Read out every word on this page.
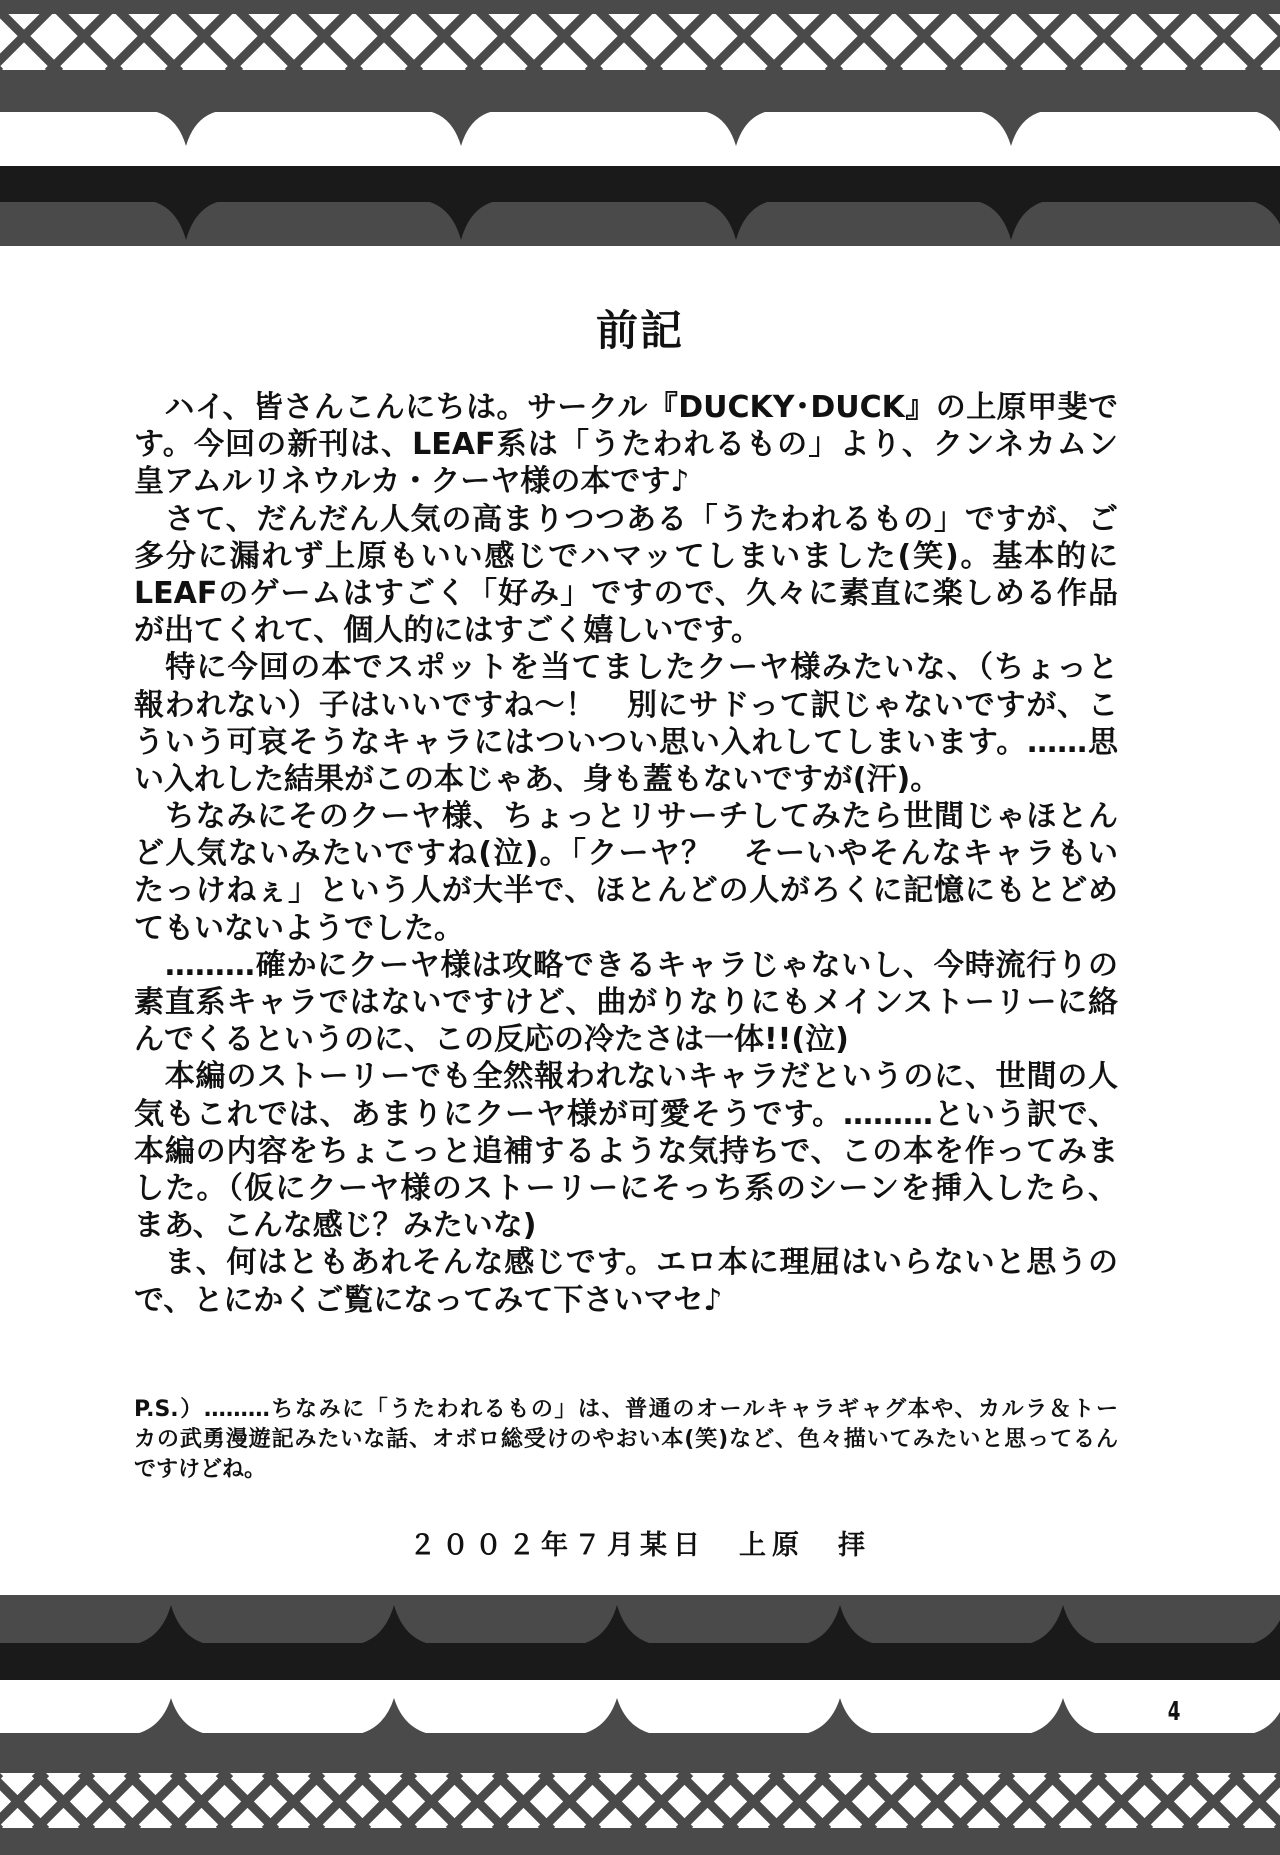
前記
　ハイ、皆さんこんにちは。サークル『DUCKY･DUCK』の上原甲斐で
す。今回の新刊は、LEAF系は「うたわれるもの」より、クンネカムン
皇アムルリネウルカ・クーヤ様の本です♪
　さて、だんだん人気の高まりつつある「うたわれるもの」ですが、ご
多分に漏れず上原もいい感じでハマッてしまいました(笑)。基本的に
LEAFのゲームはすごく「好み」ですので、久々に素直に楽しめる作品
が出てくれて、個人的にはすごく嬉しいです。
　特に今回の本でスポットを当てましたクーヤ様みたいな、（ちょっと
報われない）子はいいですね～！　別にサドって訳じゃないですが、こ
ういう可哀そうなキャラにはついつい思い入れしてしまいます。……思
い入れした結果がこの本じゃあ、身も蓋もないですが(汗)。
　ちなみにそのクーヤ様、ちょっとリサーチしてみたら世間じゃほとん
ど人気ないみたいですね(泣)。「クーヤ？　そーいやそんなキャラもい
たっけねぇ」という人が大半で、ほとんどの人がろくに記憶にもとどめ
てもいないようでした。
　………確かにクーヤ様は攻略できるキャラじゃないし、今時流行りの
素直系キャラではないですけど、曲がりなりにもメインストーリーに絡
んでくるというのに、この反応の冷たさは一体!!(泣)
　本編のストーリーでも全然報われないキャラだというのに、世間の人
気もこれでは、あまりにクーヤ様が可愛そうです。………という訳で、
本編の内容をちょこっと追補するような気持ちで、この本を作ってみま
した。（仮にクーヤ様のストーリーにそっち系のシーンを挿入したら、
まあ、こんな感じ？みたいな)
　ま、何はともあれそんな感じです。エロ本に理屈はいらないと思うの
で、とにかくご覧になってみて下さいマセ♪
P.S.）………ちなみに「うたわれるもの」は、普通のオールキャラギャグ本や、カルラ＆トー
カの武勇漫遊記みたいな話、オボロ総受けのやおい本(笑)など、色々描いてみたいと思ってるん
ですけどね。
２００２年７月某日　上原　拝
4
